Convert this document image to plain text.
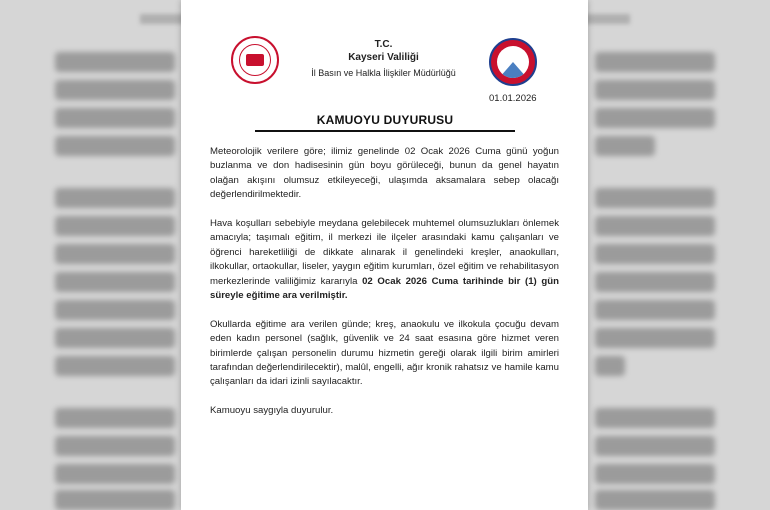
T.C.
Kayseri Valiliği
İl Basın ve Halkla İlişkiler Müdürlüğü
01.01.2026
KAMUOYU DUYURUSU

Meteorolojik verilere göre; ilimiz genelinde 02 Ocak 2026 Cuma günü yoğun buzlanma ve don hadisesinin gün boyu görüleceği, bunun da genel hayatın olağan akışını olumsuz etkileyeceği, ulaşımda aksamalara sebep olacağı değerlendirilmektedir.

Hava koşulları sebebiyle meydana gelebilecek muhtemel olumsuzlukları önlemek amacıyla; taşımalı eğitim, il merkezi ile ilçeler arasındaki kamu çalışanları ve öğrenci hareketliliği de dikkate alınarak il genelindeki kreşler, anaokulları, ilkokullar, ortaokullar, liseler, yaygın eğitim kurumları, özel eğitim ve rehabilitasyon merkezlerinde valiliğimiz kararıyla 02 Ocak 2026 Cuma tarihinde bir (1) gün süreyle eğitime ara verilmiştir.

Okullarda eğitime ara verilen günde; kreş, anaokulu ve ilkokula çocuğu devam eden kadın personel (sağlık, güvenlik ve 24 saat esasına göre hizmet veren birimlerde çalışan personelin durumu hizmetin gereği olarak ilgili birim amirleri tarafından değerlendirilecektir), malûl, engelli, ağır kronik rahatsız ve hamile kamu çalışanları da idari izinli sayılacaktır.

Kamuoyu saygıyla duyurulur.
